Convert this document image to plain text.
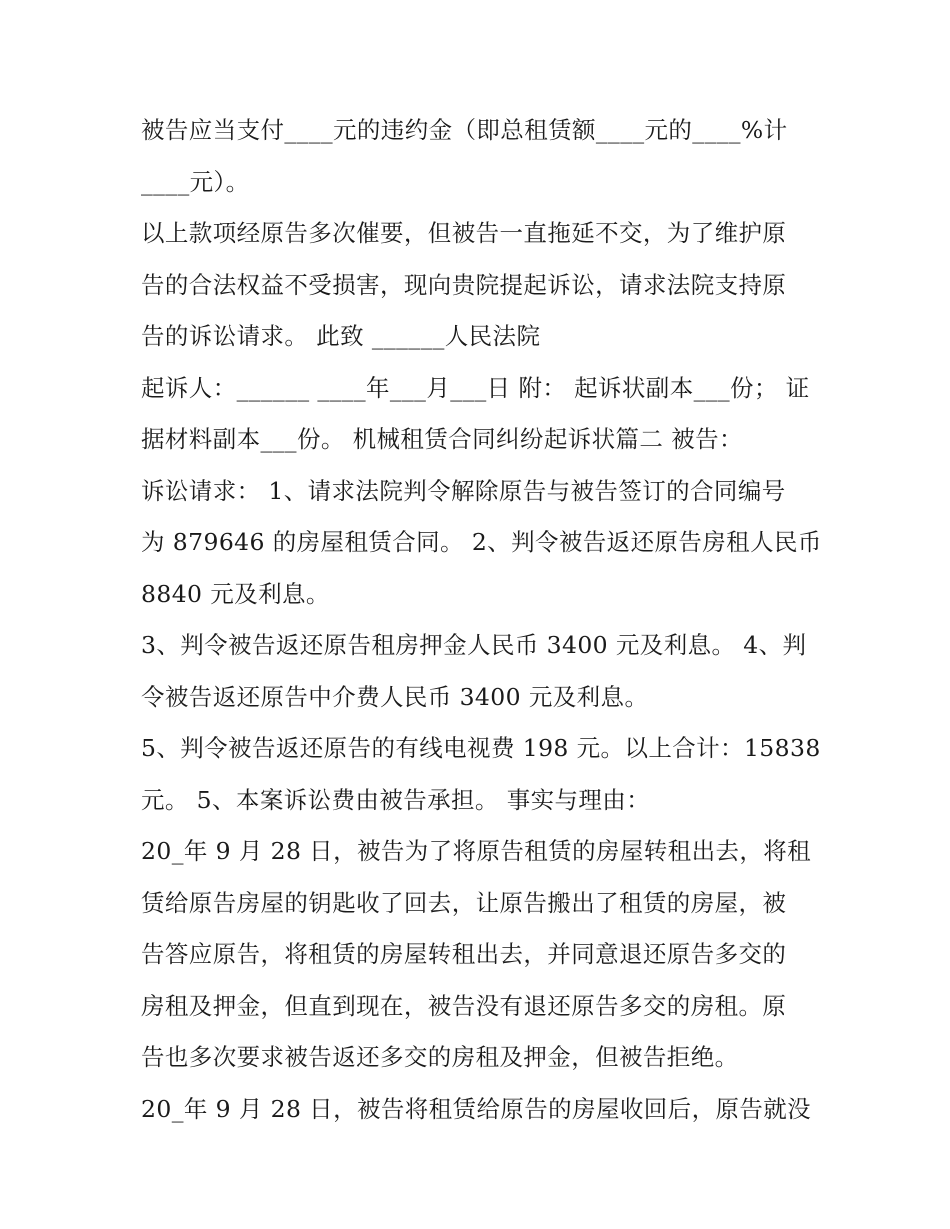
被告应当支付____元的违约金（即总租赁额____元的____%计
____元）。
以上款项经原告多次催要，但被告一直拖延不交，为了维护原
告的合法权益不受损害，现向贵院提起诉讼，请求法院支持原
告的诉讼请求。 此致 ______人民法院
起诉人：______ ____年___月___日 附： 起诉状副本___份； 证
据材料副本___份。 机械租赁合同纠纷起诉状篇二 被告：
诉讼请求： 1、请求法院判令解除原告与被告签订的合同编号
为 879646 的房屋租赁合同。 2、判令被告返还原告房租人民币
8840 元及利息。
3、判令被告返还原告租房押金人民币 3400 元及利息。 4、判
令被告返还原告中介费人民币 3400 元及利息。
5、判令被告返还原告的有线电视费 198 元。以上合计：15838
元。 5、本案诉讼费由被告承担。 事实与理由：
20_年 9 月 28 日，被告为了将原告租赁的房屋转租出去，将租
赁给原告房屋的钥匙收了回去，让原告搬出了租赁的房屋，被
告答应原告，将租赁的房屋转租出去，并同意退还原告多交的
房租及押金，但直到现在，被告没有退还原告多交的房租。原
告也多次要求被告返还多交的房租及押金，但被告拒绝。
20_年 9 月 28 日，被告将租赁给原告的房屋收回后，原告就没
